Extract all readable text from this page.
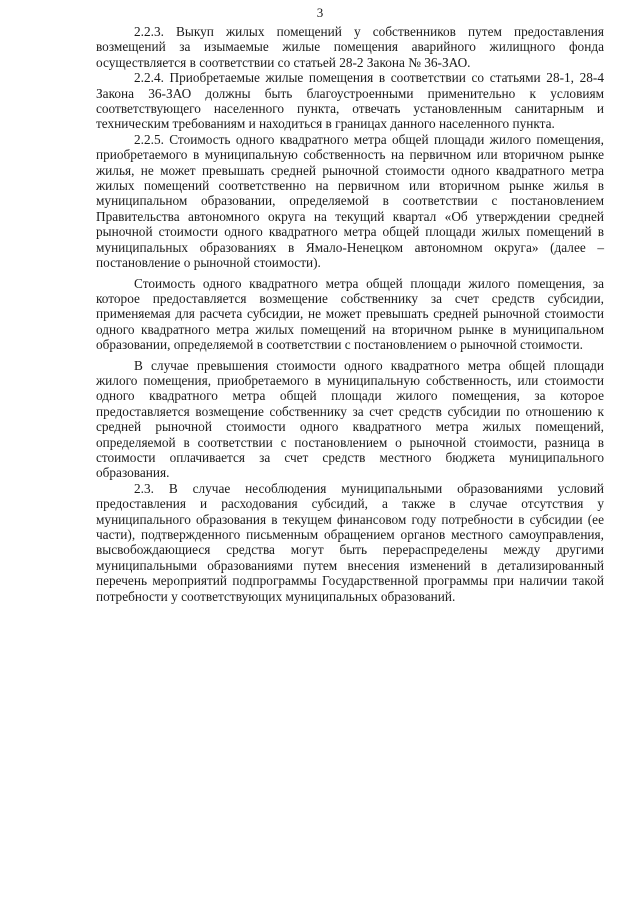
3

2.2.3. Выкуп жилых помещений у собственников путем предоставления возмещений за изымаемые жилые помещения аварийного жилищного фонда осуществляется в соответствии со статьей 28-2 Закона № 36-ЗАО.

2.2.4. Приобретаемые жилые помещения в соответствии со статьями 28-1, 28-4 Закона 36-ЗАО должны быть благоустроенными применительно к условиям соответствующего населенного пункта, отвечать установленным санитарным и техническим требованиям и находиться в границах данного населенного пункта.

2.2.5. Стоимость одного квадратного метра общей площади жилого помещения, приобретаемого в муниципальную собственность на первичном или вторичном рынке жилья, не может превышать средней рыночной стоимости одного квадратного метра жилых помещений соответственно на первичном или вторичном рынке жилья в муниципальном образовании, определяемой в соответствии с постановлением Правительства автономного округа на текущий квартал «Об утверждении средней рыночной стоимости одного квадратного метра общей площади жилых помещений в муниципальных образованиях в Ямало-Ненецком автономном округа» (далее – постановление о рыночной стоимости).

Стоимость одного квадратного метра общей площади жилого помещения, за которое предоставляется возмещение собственнику за счет средств субсидии, применяемая для расчета субсидии, не может превышать средней рыночной стоимости одного квадратного метра жилых помещений на вторичном рынке в муниципальном образовании, определяемой в соответствии с постановлением о рыночной стоимости.

В случае превышения стоимости одного квадратного метра общей площади жилого помещения, приобретаемого в муниципальную собственность, или стоимости одного квадратного метра общей площади жилого помещения, за которое предоставляется возмещение собственнику за счет средств субсидии по отношению к средней рыночной стоимости одного квадратного метра жилых помещений, определяемой в соответствии с постановлением о рыночной стоимости, разница в стоимости оплачивается за счет средств местного бюджета муниципального образования.

2.3. В случае несоблюдения муниципальными образованиями условий предоставления и расходования субсидий, а также в случае отсутствия у муниципального образования в текущем финансовом году потребности в субсидии (ее части), подтвержденного письменным обращением органов местного самоуправления, высвобождающиеся средства могут быть перераспределены между другими муниципальными образованиями путем внесения изменений в детализированный перечень мероприятий подпрограммы Государственной программы при наличии такой потребности у соответствующих муниципальных образований.
